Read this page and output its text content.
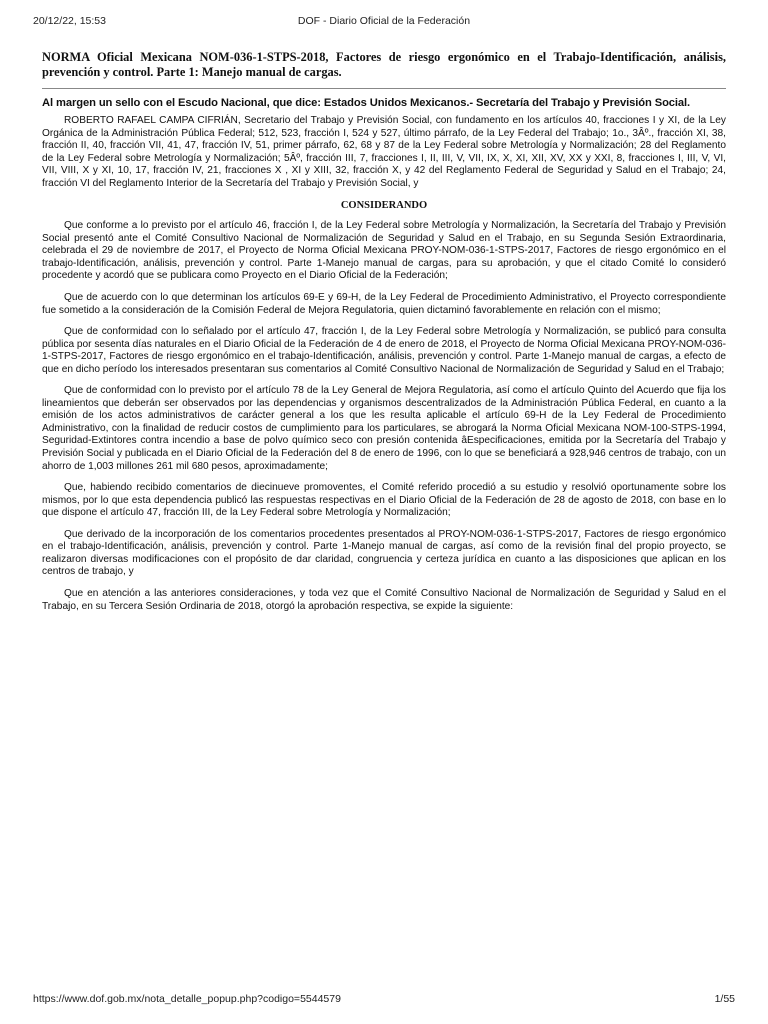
20/12/22, 15:53	DOF - Diario Oficial de la Federación

NORMA Oficial Mexicana NOM-036-1-STPS-2018, Factores de riesgo ergonómico en el Trabajo-Identificación, análisis, prevención y control. Parte 1: Manejo manual de cargas.

Al margen un sello con el Escudo Nacional, que dice: Estados Unidos Mexicanos.- Secretaría del Trabajo y Previsión Social.

ROBERTO RAFAEL CAMPA CIFRIÁN, Secretario del Trabajo y Previsión Social, con fundamento en los artículos 40, fracciones I y XI, de la Ley Orgánica de la Administración Pública Federal; 512, 523, fracción I, 524 y 527, último párrafo, de la Ley Federal del Trabajo; 1o., 3Âº., fracción XI, 38, fracción II, 40, fracción VII, 41, 47, fracción IV, 51, primer párrafo, 62, 68 y 87 de la Ley Federal sobre Metrología y Normalización; 28 del Reglamento de la Ley Federal sobre Metrología y Normalización; 5Âº, fracción III, 7, fracciones I, II, III, V, VII, IX, X, XI, XII, XV, XX y XXI, 8, fracciones I, III, V, VI, VII, VIII, X y XI, 10, 17, fracción IV, 21, fracciones X , XI y XIII, 32, fracción X, y 42 del Reglamento Federal de Seguridad y Salud en el Trabajo; 24, fracción VI del Reglamento Interior de la Secretaría del Trabajo y Previsión Social, y

CONSIDERANDO

Que conforme a lo previsto por el artículo 46, fracción I, de la Ley Federal sobre Metrología y Normalización, la Secretaría del Trabajo y Previsión Social presentó ante el Comité Consultivo Nacional de Normalización de Seguridad y Salud en el Trabajo, en su Segunda Sesión Extraordinaria, celebrada el 29 de noviembre de 2017, el Proyecto de Norma Oficial Mexicana PROY-NOM-036-1-STPS-2017, Factores de riesgo ergonómico en el trabajo-Identificación, análisis, prevención y control. Parte 1-Manejo manual de cargas, para su aprobación, y que el citado Comité lo consideró procedente y acordó que se publicara como Proyecto en el Diario Oficial de la Federación;

Que de acuerdo con lo que determinan los artículos 69-E y 69-H, de la Ley Federal de Procedimiento Administrativo, el Proyecto correspondiente fue sometido a la consideración de la Comisión Federal de Mejora Regulatoria, quien dictaminó favorablemente en relación con el mismo;

Que de conformidad con lo señalado por el artículo 47, fracción I, de la Ley Federal sobre Metrología y Normalización, se publicó para consulta pública por sesenta días naturales en el Diario Oficial de la Federación de 4 de enero de 2018, el Proyecto de Norma Oficial Mexicana PROY-NOM-036-1-STPS-2017, Factores de riesgo ergonómico en el trabajo-Identificación, análisis, prevención y control. Parte 1-Manejo manual de cargas, a efecto de que en dicho período los interesados presentaran sus comentarios al Comité Consultivo Nacional de Normalización de Seguridad y Salud en el Trabajo;

Que de conformidad con lo previsto por el artículo 78 de la Ley General de Mejora Regulatoria, así como el artículo Quinto del Acuerdo que fija los lineamientos que deberán ser observados por las dependencias y organismos descentralizados de la Administración Pública Federal, en cuanto a la emisión de los actos administrativos de carácter general a los que les resulta aplicable el artículo 69-H de la Ley Federal de Procedimiento Administrativo, con la finalidad de reducir costos de cumplimiento para los particulares, se abrogará la Norma Oficial Mexicana NOM-100-STPS-1994, Seguridad-Extintores contra incendio a base de polvo químico seco con presión contenida âEspecificaciones, emitida por la Secretaría del Trabajo y Previsión Social y publicada en el Diario Oficial de la Federación del 8 de enero de 1996, con lo que se beneficiará a 928,946 centros de trabajo, con un ahorro de 1,003 millones 261 mil 680 pesos, aproximadamente;

Que, habiendo recibido comentarios de diecinueve promoventes, el Comité referido procedió a su estudio y resolvió oportunamente sobre los mismos, por lo que esta dependencia publicó las respuestas respectivas en el Diario Oficial de la Federación de 28 de agosto de 2018, con base en lo que dispone el artículo 47, fracción III, de la Ley Federal sobre Metrología y Normalización;

Que derivado de la incorporación de los comentarios procedentes presentados al PROY-NOM-036-1-STPS-2017, Factores de riesgo ergonómico en el trabajo-Identificación, análisis, prevención y control. Parte 1-Manejo manual de cargas, así como de la revisión final del propio proyecto, se realizaron diversas modificaciones con el propósito de dar claridad, congruencia y certeza jurídica en cuanto a las disposiciones que aplican en los centros de trabajo, y

Que en atención a las anteriores consideraciones, y toda vez que el Comité Consultivo Nacional de Normalización de Seguridad y Salud en el Trabajo, en su Tercera Sesión Ordinaria de 2018, otorgó la aprobación respectiva, se expide la siguiente:

https://www.dof.gob.mx/nota_detalle_popup.php?codigo=5544579	1/55
